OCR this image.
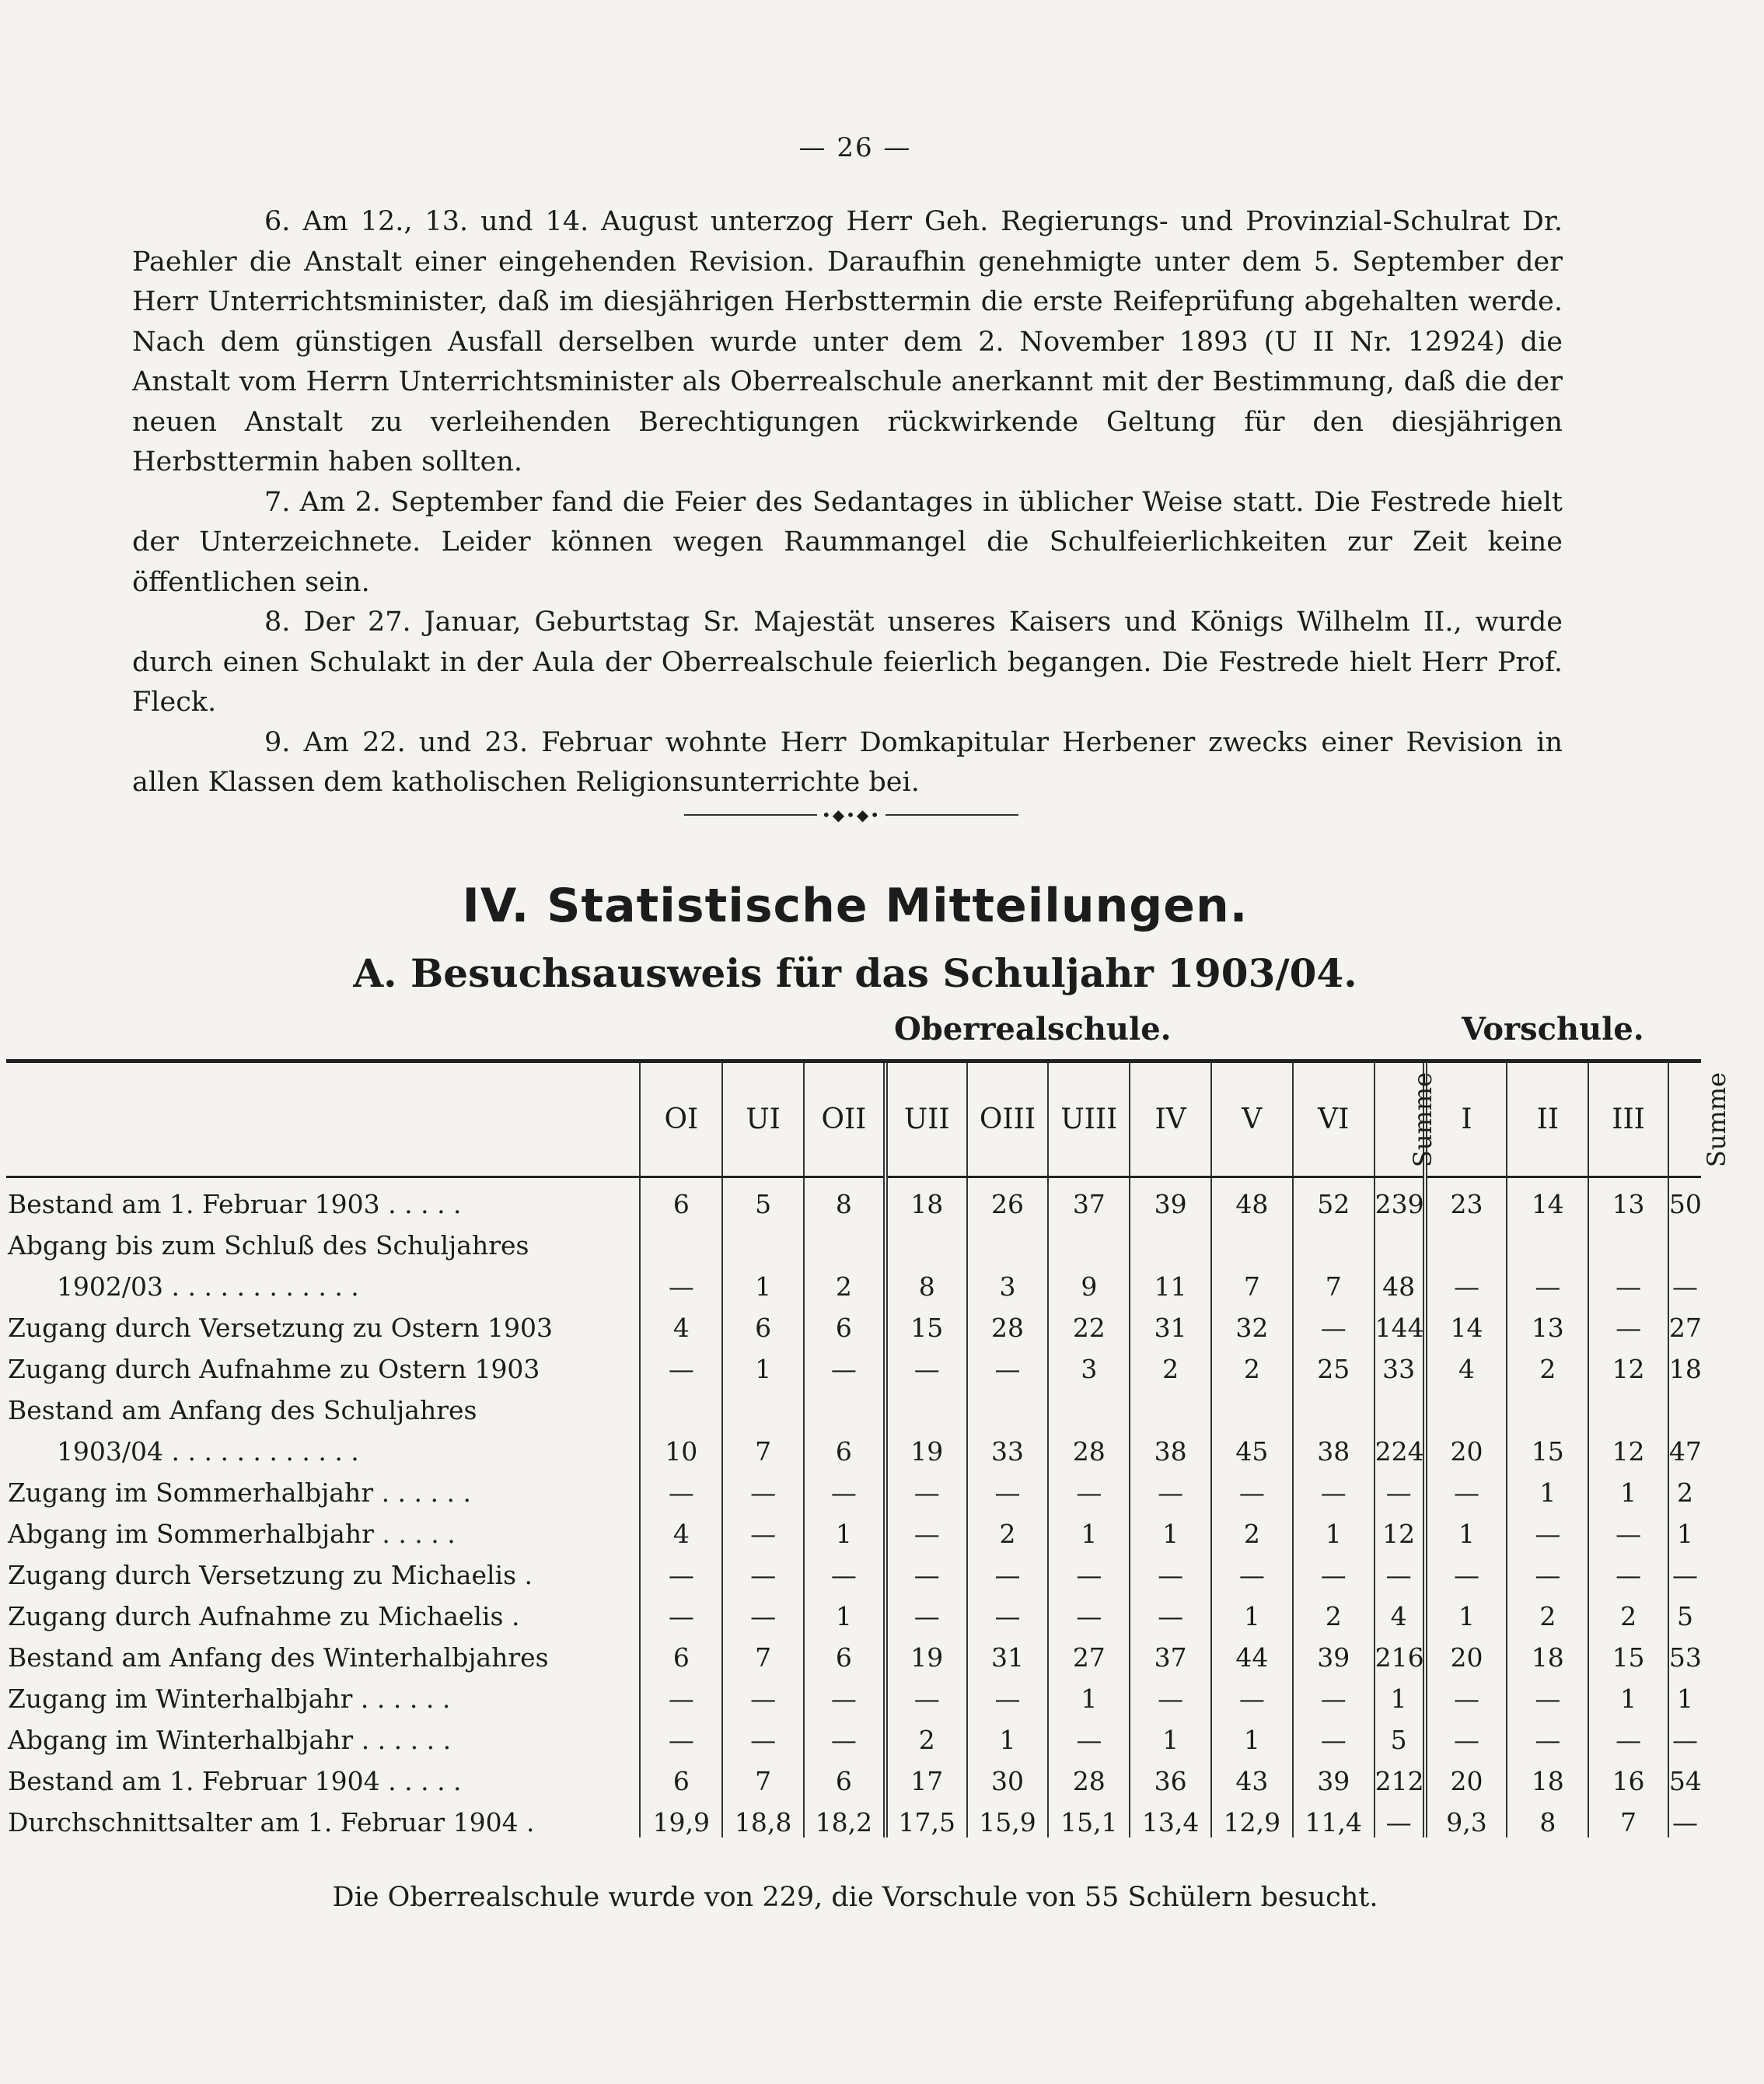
— 26 —

6. Am 12., 13. und 14. August unterzog Herr Geh. Regierungs- und Provinzial-Schulrat Dr. Paehler die Anstalt einer eingehenden Revision. Daraufhin genehmigte unter dem 5. September der Herr Unterrichtsminister, daß im diesjährigen Herbsttermin die erste Reifeprüfung abgehalten werde. Nach dem günstigen Ausfall derselben wurde unter dem 2. November 1893 (U II Nr. 12924) die Anstalt vom Herrn Unterrichtsminister als Oberrealschule anerkannt mit der Bestimmung, daß die der neuen Anstalt zu verleihenden Berechtigungen rückwirkende Geltung für den diesjährigen Herbsttermin haben sollten.

7. Am 2. September fand die Feier des Sedantages in üblicher Weise statt. Die Festrede hielt der Unterzeichnete. Leider können wegen Raummangel die Schulfeierlichkeiten zur Zeit keine öffentlichen sein.

8. Der 27. Januar, Geburtstag Sr. Majestät unseres Kaisers und Königs Wilhelm II., wurde durch einen Schulakt in der Aula der Oberrealschule feierlich begangen. Die Festrede hielt Herr Prof. Fleck.

9. Am 22. und 23. Februar wohnte Herr Domkapitular Herbener zwecks einer Revision in allen Klassen dem katholischen Religionsunterrichte bei.

•◆•◆•
IV. Statistische Mitteilungen.
A. Besuchsausweis für das Schuljahr 1903/04.
Oberrealschule.	Vorschule.

	OI	UI	OII	UII	OIII	UIII	IV	V	VI	Summe	I	II	III	Summe
Bestand am 1. Februar 1903 . . . . .	6	5	8	18	26	37	39	48	52	239	23	14	13	50
Abgang bis zum Schluß des Schuljahres														
1902/03 . . . . . . . . . . . .	—	1	2	8	3	9	11	7	7	48	—	—	—	—
Zugang durch Versetzung zu Ostern 1903	4	6	6	15	28	22	31	32	—	144	14	13	—	27
Zugang durch Aufnahme zu Ostern 1903	—	1	—	—	—	3	2	2	25	33	4	2	12	18
Bestand am Anfang des Schuljahres														
1903/04 . . . . . . . . . . . .	10	7	6	19	33	28	38	45	38	224	20	15	12	47
Zugang im Sommerhalbjahr . . . . . .	—	—	—	—	—	—	—	—	—	—	—	1	1	2
Abgang im Sommerhalbjahr . . . . .	4	—	1	—	2	1	1	2	1	12	1	—	—	1
Zugang durch Versetzung zu Michaelis .	—	—	—	—	—	—	—	—	—	—	—	—	—	—
Zugang durch Aufnahme zu Michaelis .	—	—	1	—	—	—	—	1	2	4	1	2	2	5
Bestand am Anfang des Winterhalbjahres	6	7	6	19	31	27	37	44	39	216	20	18	15	53
Zugang im Winterhalbjahr . . . . . .	—	—	—	—	—	1	—	—	—	1	—	—	1	1
Abgang im Winterhalbjahr . . . . . .	—	—	—	2	1	—	1	1	—	5	—	—	—	—
Bestand am 1. Februar 1904 . . . . .	6	7	6	17	30	28	36	43	39	212	20	18	16	54
Durchschnittsalter am 1. Februar 1904 .	19,9	18,8	18,2	17,5	15,9	15,1	13,4	12,9	11,4	—	9,3	8	7	—
Die Oberrealschule wurde von 229, die Vorschule von 55 Schülern besucht.
